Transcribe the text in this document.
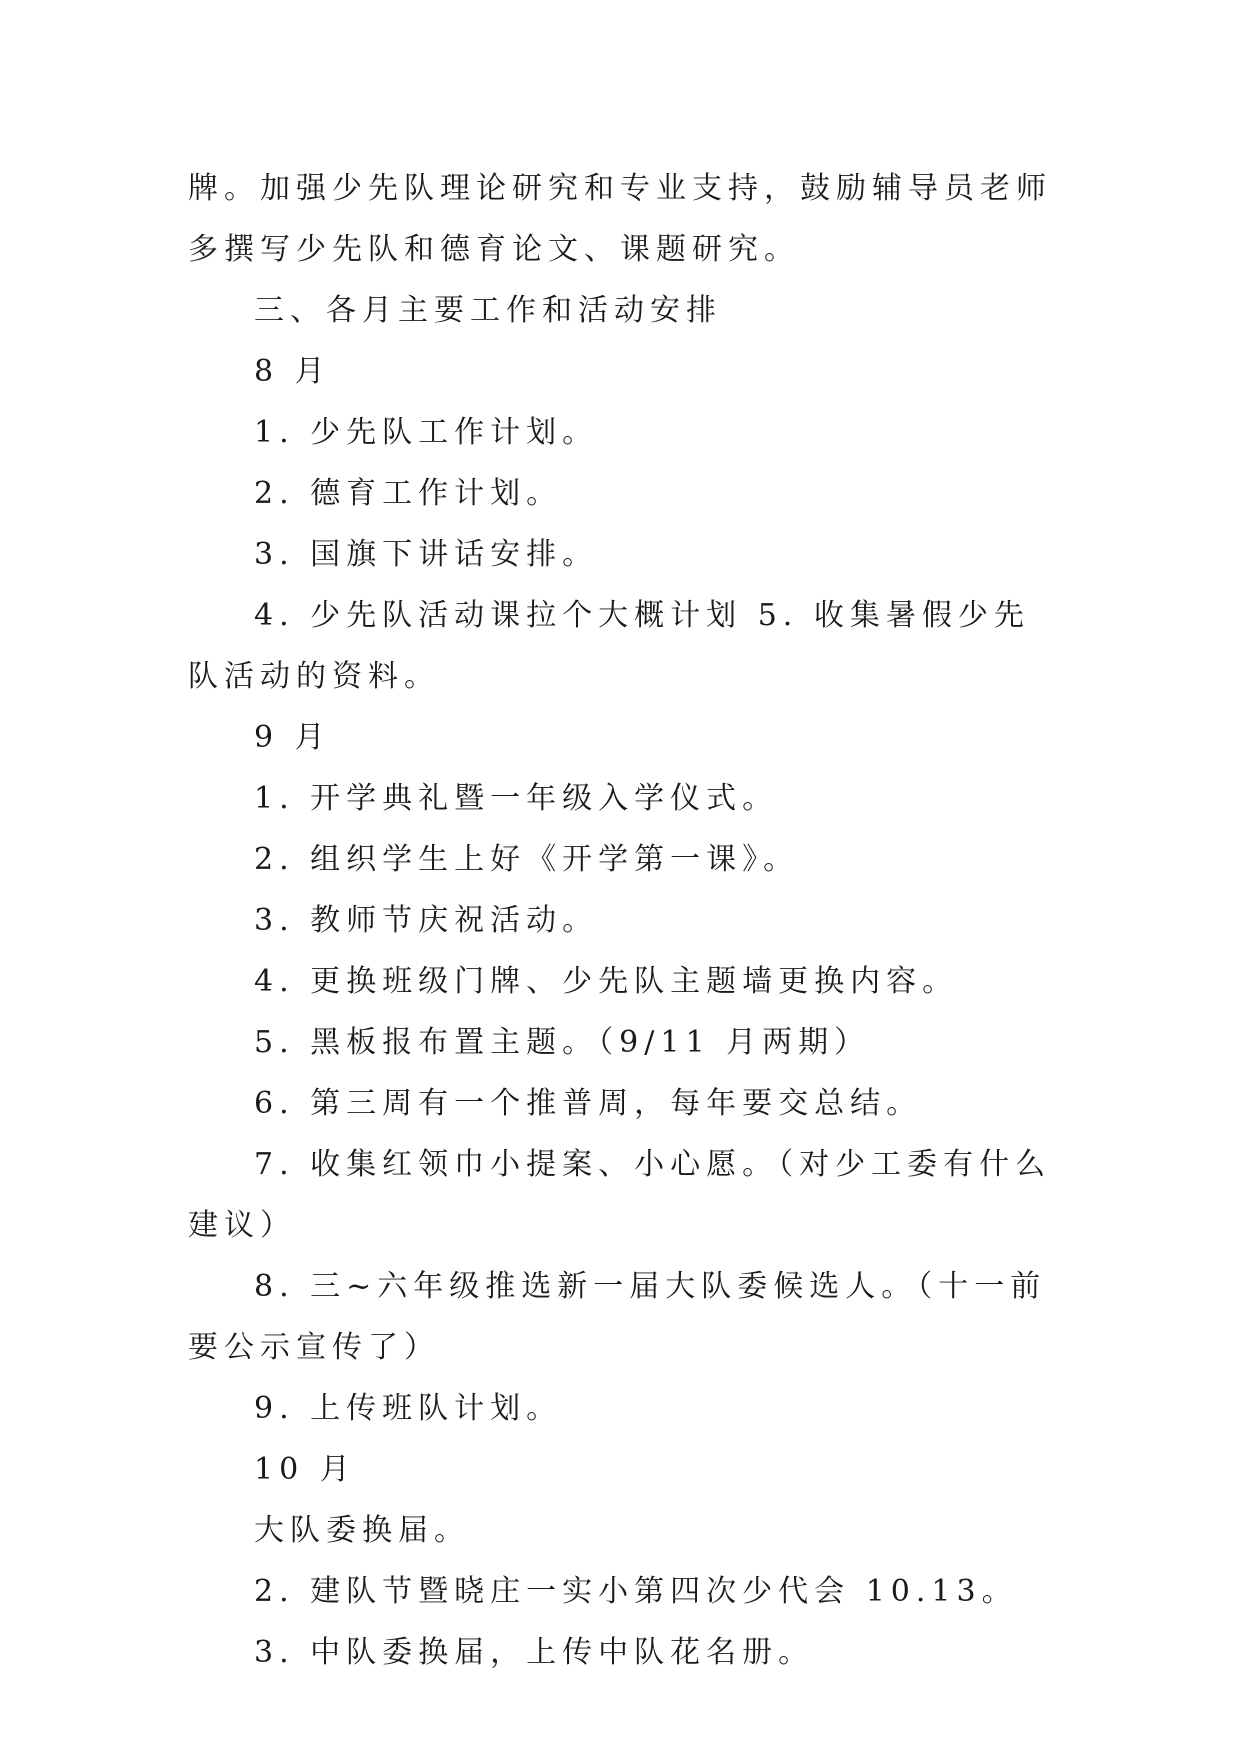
牌。加强少先队理论研究和专业支持，鼓励辅导员老师多撰写少先队和德育论文、课题研究。

三、各月主要工作和活动安排

8 月

1. 少先队工作计划。

2. 德育工作计划。

3. 国旗下讲话安排。

4. 少先队活动课拉个大概计划 5. 收集暑假少先队活动的资料。

9 月

1. 开学典礼暨一年级入学仪式。

2. 组织学生上好《开学第一课》。

3. 教师节庆祝活动。

4. 更换班级门牌、少先队主题墙更换内容。

5. 黑板报布置主题。（9/11 月两期）

6. 第三周有一个推普周，每年要交总结。

7. 收集红领巾小提案、小心愿。（对少工委有什么建议）

8. 三~六年级推选新一届大队委候选人。（十一前要公示宣传了）

9. 上传班队计划。

10 月

大队委换届。

2. 建队节暨晓庄一实小第四次少代会 10.13。

3. 中队委换届，上传中队花名册。
